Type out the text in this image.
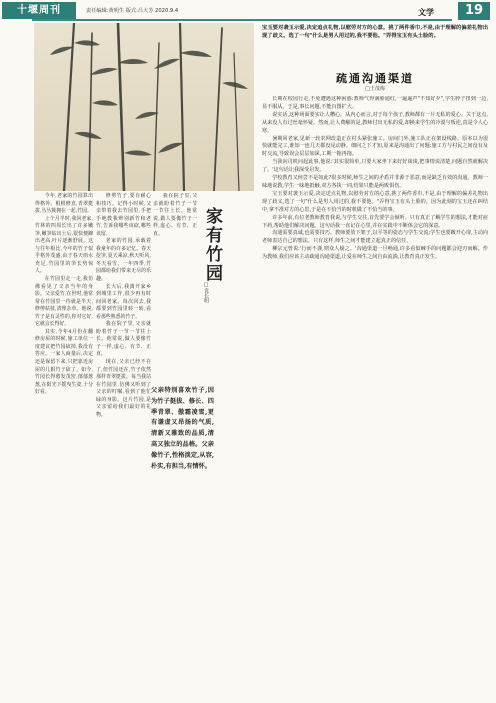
十堰周刊	责任编辑:黄明生 版式:吕大芳 2020.9.4	文学	19

今年,老家的竹园算出得格外。根根修直,青翠挺拔,丛丛簇拥在一起,竹园。

上个月半时,我回老家,竹林的四周长出了许多嫩笋,嫩笋钻出土后,很快便蹿出老高,叶片逐渐舒展。这与往年相比,今年的竹子似乎格外茂盛,由于春天雨水充足,竹园里的笋长势惊人。

在竹园里走一走,我仿佛看见了父亲当年的身影。父亲爱竹,在世时,他常常在竹园里一待就是半天,修剪枯枝,清理杂草。他说,竹子是有灵性的,你对它好,它就会长得好。

其实,今年4月份在翻修房屋的时候,施工单位一度建议把竹园砍掉,我没有答应。一家人商量后,决定还是保留下来,只把靠近房屋的几根竹子砍了。如今,竹园长得愈发茂密,郁郁葱葱,在阳光下摇曳生姿,十分好看。

修剪竹子,要有耐心和技巧。记得小时候,父亲带着我去竹园里,手把手地教我辨别新竹和老竹,告诉我哪些该砍,哪些该留。

老家的竹园,承载着我童年的许多记忆。春天挖笋,夏天乘凉,秋天听风,冬天看雪。一年四季,竹园都给我们带来无尽的乐趣。

长大后,我离开家乡到城里工作,很少再有时间回老家。每次回去,我都要到竹园里转一转,看看那些熟悉的竹子。

我在院子里,父亲就盼着竹子一节一节往上长。他常说,做人要像竹子一样,虚心、有节、正直。

现在,父亲已经不在了,但竹园还在,竹子依然那样青翠挺拔。每当我站在竹园里,仿佛又听到了父亲的叮嘱,看到了他忙碌的身影。这片竹园,是父亲留给我们最好的礼物。

我在院子里,父亲就盼着竹子一节一节往上长。他常说,做人要像竹子一样,虚心、有节、正直。	家有竹园
□袁长明
父亲特别喜欢竹子,因为竹子挺拔、修长、四季青翠、傲霜凌雪,更有谦虚又昂扬的气质,清新又雅致的品质,清高又独立的品格。父亲像竹子,性格淡定,从容,朴实,有担当,有情怀。
宝玉要对袭玉示爱,决定追点礼物,以慰劳对方的心意。挑了两件香巾,不是,由于理解的偏差礼物出现了歧义。选了一句"什么是男人用过的,我不要他。"弄得宝玉有头土脸的。
疏通沟通渠道
□王茂梅

长期在校园行走,不免遭遇这种困惑:教师气得满脸通红,一遍遍声"不知好歹",学生脖子扭到一边,显不服从。于是,事长问题,不能百图扩大。

说实话,这种场面要实让人糟心。从内心而言,对于每个孩子,教师都有一片无私的爱心。关于这点,从来没人有过丝毫怀疑。然而,让人费解的是,教师付出无私的爱,却换来学生的冷漠与叛逆,真是令人心寒。

暑期回老家,见新一轮农网改造正在村头紧张施工。房间门外,施工队正在架设线路。原本以为很快就能完工,谁知一连几天都没见动静。细问之下才知,原来是沟通出了问题:施工方与村民之间没有及时交流,导致误会层层加深,工期一拖再拖。

当我向司机问起此事,他说:'其实很简单,只要大家坐下来好好谈谈,把事情说清楚,问题自然就解决了。'这句话让我深受启发。

学校教育又何尝不是如此?很多时候,师生之间的矛盾并非源于恶意,而是缺乏有效的沟通。教师一味地说教,学生一味地抵触,双方各执一词,结果只能是两败俱伤。

宝玉要对袭玉示爱,决定送点礼物,以慰劳对方的心意,挑了两件香巾,不是,由于理解的偏差礼物出现了歧义,选了一句"什么是男人用过的,我不要他。"弄得宝玉有头土脸的。因为此刻的宝玉还在纠结中,拿不准对方的心思,于是在不恰当的时机做了不恰当的事。

许多年前,有位老教师教育我说,与学生交往,首先要学会倾听。只有真正了解学生的想法,才能对症下药,帮助他们解决问题。这句话我一直记在心里,并在实践中不断体会它的深意。

沟通需要真诚,也需要技巧。教师要放下架子,以平等的姿态与学生交流;学生也要敞开心扉,主动向老师表达自己的想法。只有这样,师生之间才能建立起真正的信任。

柳宗元曾说:'行而不谨,则众人疑之。'沟通渠道一旦畅通,许多看似棘手的问题都会迎刃而解。作为教师,我们应该主动疏通沟通渠道,让爱在师生之间自由流淌,让教育真正发生。
